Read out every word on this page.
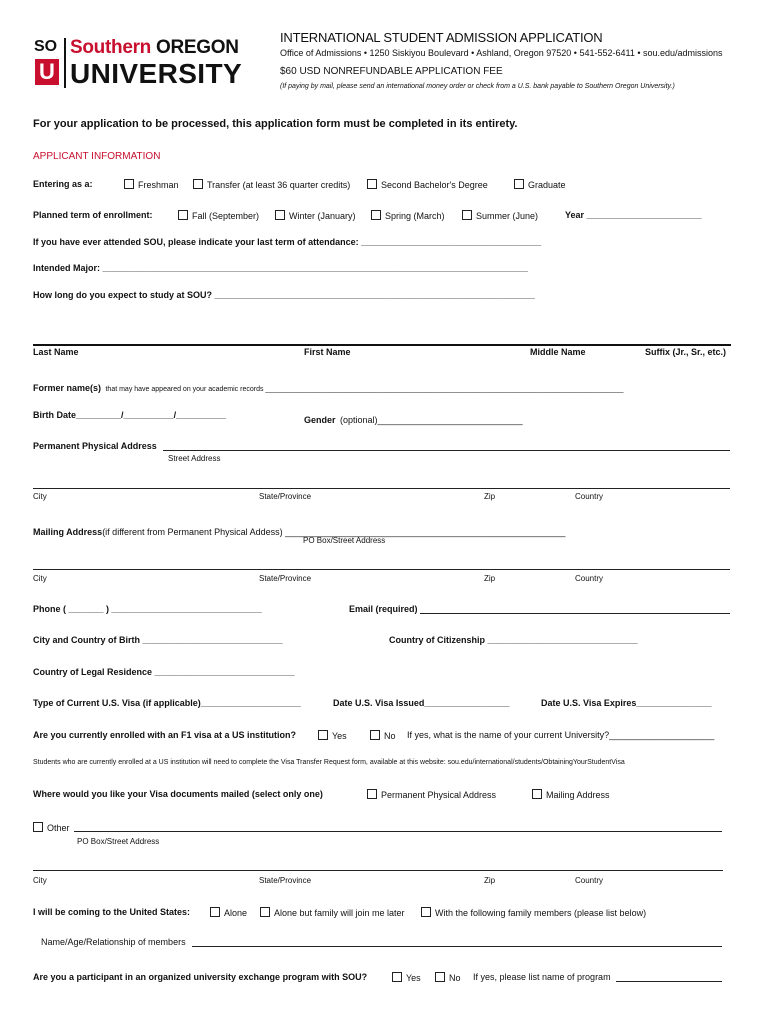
SO
U
Southern OREGON
UNIVERSITY
INTERNATIONAL STUDENT ADMISSION APPLICATION
Office of Admissions • 1250 Siskiyou Boulevard • Ashland, Oregon 97520 • 541-552-6411 • sou.edu/admissions
$60 USD NONREFUNDABLE APPLICATION FEE
(If paying by mail, please send an international money order or check from a U.S. bank payable to Southern Oregon University.)
For your application to be processed, this application form must be completed in its entirety.
APPLICANT INFORMATION
Entering as a:	Freshman	Transfer (at least 36 quarter credits)	Second Bachelor's Degree	Graduate
Planned term of enrollment:	Fall (September)	Winter (January)	Spring (March)	Summer (June)	Year _______________________
If you have ever attended SOU, please indicate your last term of attendance: ____________________________________
Intended Major: _____________________________________________________________________________________
How long do you expect to study at SOU? ________________________________________________________________
Last Name	First Name	Middle Name	Suffix (Jr., Sr., etc.)
Former name(s) that may have appeared on your academic records ____________________________________________________________________________________________
Birth Date_________/__________/__________	Gender (optional)_____________________________
Permanent Physical Address
Street Address
City	State/Province	Zip	Country
Mailing Address(if different from Permanent Physical Addess) ________________________________________________________
PO Box/Street Address
City	State/Province	Zip	Country
Phone ( _______ ) ______________________________	Email (required)
City and Country of Birth ____________________________	Country of Citizenship ______________________________
Country of Legal Residence ____________________________
Type of Current U.S. Visa (if applicable)____________________	Date U.S. Visa Issued_________________	Date U.S. Visa Expires_______________
Are you currently enrolled with an F1 visa at a US institution?	Yes	No If yes, what is the name of your current University?_____________________
Students who are currently enrolled at a US institution will need to complete the Visa Transfer Request form, available at this website: sou.edu/international/students/ObtainingYourStudentVisa
Where would you like your Visa documents mailed (select only one)	Permanent Physical Address	Mailing Address
Other
PO Box/Street Address
City	State/Province	Zip	Country
I will be coming to the United States:	Alone	Alone but family will join me later	With the following family members (please list below)
Name/Age/Relationship of members
Are you a participant in an organized university exchange program with SOU?	Yes	No If yes, please list name of program
